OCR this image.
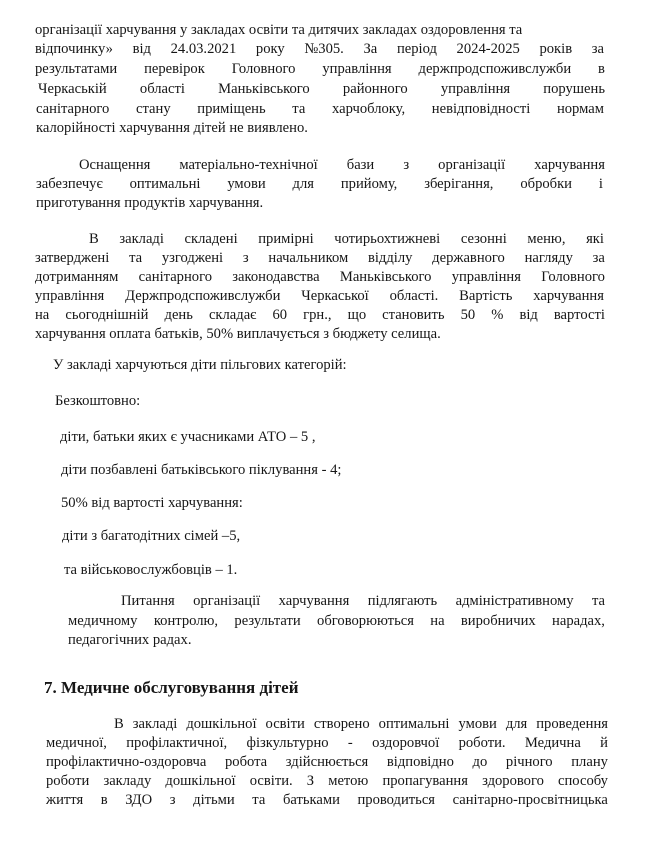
організації харчування у закладах освіти та дитячих закладах оздоровлення та
відпочинку» від 24.03.2021 року №305. За період 2024-2025 років за
результатами перевірок Головного управління держпродспоживслужби в
Черкаській області Маньківського районного управління порушень
санітарного стану приміщень та харчоблоку, невідповідності нормам
калорійності харчування дітей не виявлено.
Оснащення матеріально-технічної бази з організації харчування
забезпечує оптимальні умови для прийому, зберігання, обробки і
приготування продуктів харчування.
В закладі складені примірні чотирьохтижневі сезонні меню, які
затверджені та узгоджені з начальником відділу державного нагляду за
дотриманням санітарного законодавства Маньківського управління Головного
управління Держпродспоживслужби Черкаської області. Вартість харчування
на сьогоднішній день складає 60 грн., що становить 50 % від вартості
харчування оплата батьків, 50% виплачується з бюджету селища.
У закладі харчуються діти пільгових категорій:
Безкоштовно:
діти, батьки яких є учасниками АТО – 5 ,
діти позбавлені батьківського піклування - 4;
50% від вартості харчування:
діти з багатодітних сімей –5,
та військовослужбовців – 1.
Питання організації харчування підлягають адміністративному та
медичному контролю, результати обговорюються на виробничих нарадах,
педагогічних радах.
7. Медичне обслуговування дітей
В закладі дошкільної освіти створено оптимальні умови для проведення
медичної, профілактичної, фізкультурно - оздоровчої роботи. Медична й
профілактично-оздоровча робота здійснюється відповідно до річного плану
роботи закладу дошкільної освіти. З метою пропагування здорового способу
життя в ЗДО з дітьми та батьками проводиться санітарно-просвітницька
